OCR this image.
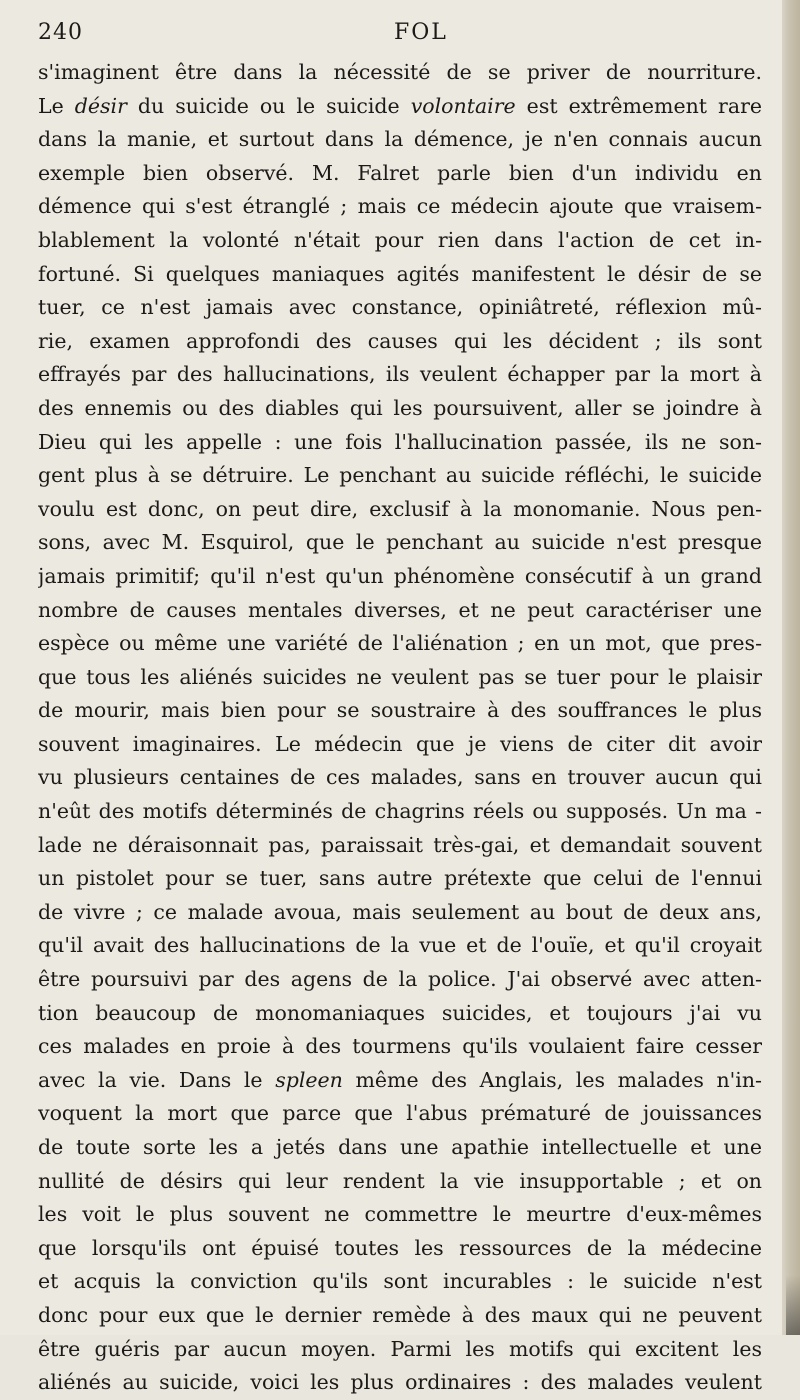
240	FOL
s'imaginent être dans la nécessité de se priver de nourriture.
Le désir du suicide ou le suicide volontaire est extrêmement rare
dans la manie, et surtout dans la démence, je n'en connais aucun
exemple bien observé. M. Falret parle bien d'un individu en
démence qui s'est étranglé ; mais ce médecin ajoute que vraisem-
blablement la volonté n'était pour rien dans l'action de cet in-
fortuné. Si quelques maniaques agités manifestent le désir de se
tuer, ce n'est jamais avec constance, opiniâtreté, réflexion mû-
rie, examen approfondi des causes qui les décident ; ils sont
effrayés par des hallucinations, ils veulent échapper par la mort à
des ennemis ou des diables qui les poursuivent, aller se joindre à
Dieu qui les appelle : une fois l'hallucination passée, ils ne son-
gent plus à se détruire. Le penchant au suicide réfléchi, le suicide
voulu est donc, on peut dire, exclusif à la monomanie. Nous pen-
sons, avec M. Esquirol, que le penchant au suicide n'est presque
jamais primitif; qu'il n'est qu'un phénomène consécutif à un grand
nombre de causes mentales diverses, et ne peut caractériser une
espèce ou même une variété de l'aliénation ; en un mot, que pres-
que tous les aliénés suicides ne veulent pas se tuer pour le plaisir
de mourir, mais bien pour se soustraire à des souffrances le plus
souvent imaginaires. Le médecin que je viens de citer dit avoir
vu plusieurs centaines de ces malades, sans en trouver aucun qui
n'eût des motifs déterminés de chagrins réels ou supposés. Un ma -
lade ne déraisonnait pas, paraissait très-gai, et demandait souvent
un pistolet pour se tuer, sans autre prétexte que celui de l'ennui
de vivre ; ce malade avoua, mais seulement au bout de deux ans,
qu'il avait des hallucinations de la vue et de l'ouïe, et qu'il croyait
être poursuivi par des agens de la police. J'ai observé avec atten-
tion beaucoup de monomaniaques suicides, et toujours j'ai vu
ces malades en proie à des tourmens qu'ils voulaient faire cesser
avec la vie. Dans le spleen même des Anglais, les malades n'in-
voquent la mort que parce que l'abus prématuré de jouissances
de toute sorte les a jetés dans une apathie intellectuelle et une
nullité de désirs qui leur rendent la vie insupportable ; et on
les voit le plus souvent ne commettre le meurtre d'eux-mêmes
que lorsqu'ils ont épuisé toutes les ressources de la médecine
et acquis la conviction qu'ils sont incurables : le suicide n'est
donc pour eux que le dernier remède à des maux qui ne peuvent
être guéris par aucun moyen. Parmi les motifs qui excitent les
aliénés au suicide, voici les plus ordinaires : des malades veulent
